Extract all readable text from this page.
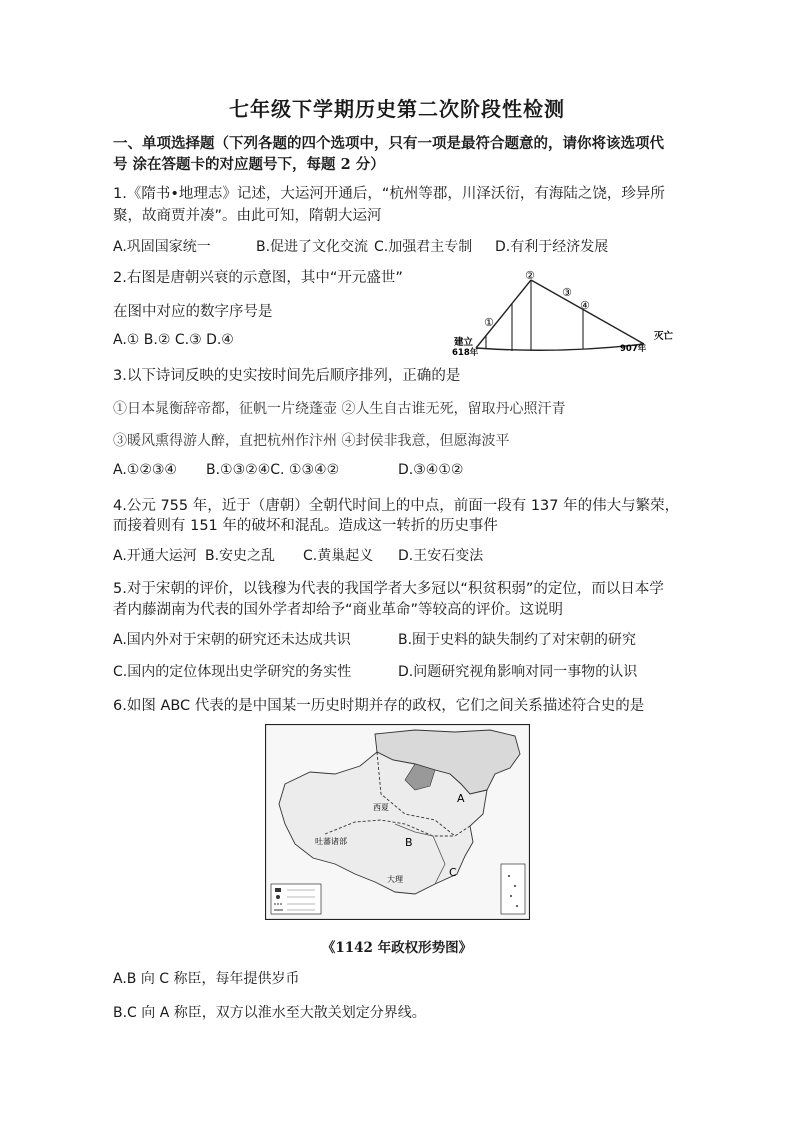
七年级下学期历史第二次阶段性检测
一、单项选择题（下列各题的四个选项中，只有一项是最符合题意的，请你将该选项代
号 涂在答题卡的对应题号下，每题 2 分）
1.《隋书•地理志》记述，大运河开通后，“杭州等郡，川泽沃衍，有海陆之饶，珍异所
聚，故商贾并凑”。由此可知，隋朝大运河
A.巩固国家统一	B.促进了文化交流 C.加强君主专制 D.有利于经济发展
2.右图是唐朝兴衰的示意图，其中“开元盛世”
在图中对应的数字序号是
A.① B.② C.③ D.④
①
②
③
④
建立
618年
灭亡
907年
3.以下诗词反映的史实按时间先后顺序排列，正确的是
①日本晁衡辞帝都，征帆一片绕蓬壶 ②人生自古谁无死，留取丹心照汗青
③暖风熏得游人醉，直把杭州作汴州 ④封侯非我意，但愿海波平
A.①②③④ B.①③②④C. ①③④②	D.③④①②
4.公元 755 年，近于（唐朝）全朝代时间上的中点，前面一段有 137 年的伟大与繁荣，
而接着则有 151 年的破坏和混乱。造成这一转折的历史事件
A.开通大运河 B.安史之乱 C.黄巢起义 D.王安石变法
5.对于宋朝的评价，以钱穆为代表的我国学者大多冠以“积贫积弱”的定位，而以日本学
者内藤湖南为代表的国外学者却给予“商业革命”等较高的评价。这说明
A.国内外对于宋朝的研究还未达成共识	B.囿于史料的缺失制约了对宋朝的研究
C.国内的定位体现出史学研究的务实性	D.问题研究视角影响对同一事物的认识
6.如图 ABC 代表的是中国某一历史时期并存的政权，它们之间关系描述符合史的是
A
B
C
西夏
吐蕃诸部
大理
《1142 年政权形势图》
A.B 向 C 称臣，每年提供岁币
B.C 向 A 称臣，双方以淮水至大散关划定分界线。
